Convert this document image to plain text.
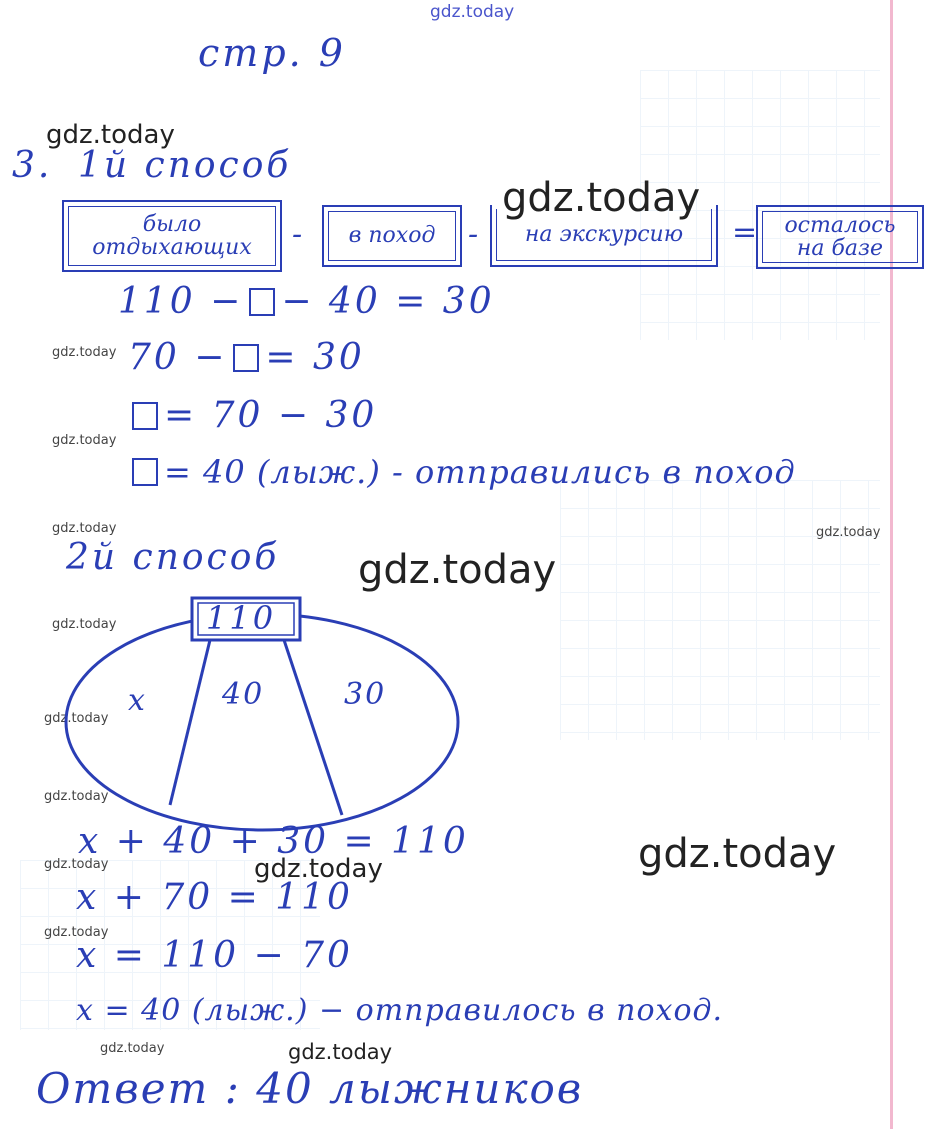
gdz.today
gdz.today
gdz.today
gdz.today
gdz.today
gdz.today	gdz.today
gdz.today
gdz.today
gdz.today
gdz.today
gdz.today
gdz.today	gdz.today
gdz.today
gdz.today	gdz.today
стр. 9
3. 1й способ
было
отдыхающих -	в поход	-	на экскурсию	= осталось
на базе
110 − − 40 = 30
70 − = 30
= 70 − 30
= 40 (лыж.) - отправились в поход
2й способ
110
x	40	30
x + 40 + 30 = 110
x + 70 = 110
x = 110 − 70
x = 40 (лыж.) − отправилось в поход.
Ответ : 40 лыжников
